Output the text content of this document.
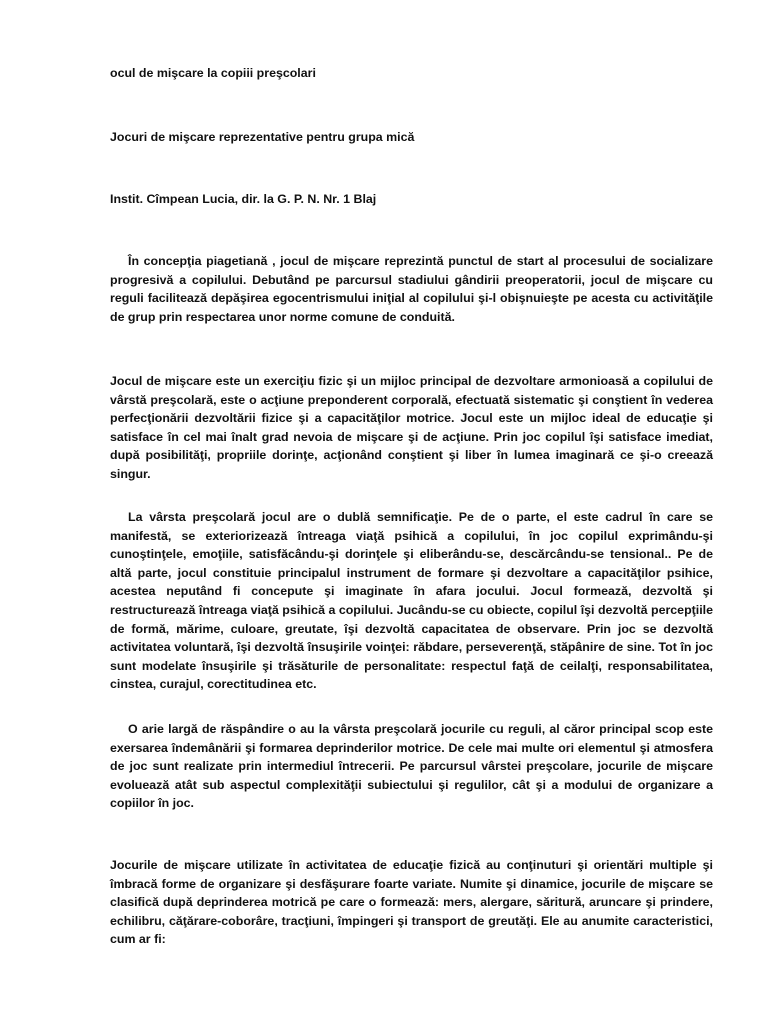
ocul de mişcare la copiii preşcolari
Jocuri de mişcare reprezentative pentru grupa mică
Instit. Cîmpean Lucia, dir. la G. P. N. Nr. 1 Blaj

În concepţia piagetiană , jocul de mişcare reprezintă punctul de start al procesului de socializare progresivă a copilului. Debutând pe parcursul stadiului gândirii preoperatorii, jocul de mişcare cu reguli facilitează depăşirea egocentrismului iniţial al copilului şi-l obişnuieşte pe acesta cu activităţile de grup prin respectarea unor norme comune de conduită.

Jocul de mişcare este un exerciţiu fizic şi un mijloc principal de dezvoltare armonioasă a copilului de vârstă preşcolară, este o acţiune preponderent corporală, efectuată sistematic şi conştient în vederea perfecţionării dezvoltării fizice şi a capacităţilor motrice. Jocul este un mijloc ideal de educaţie şi satisface în cel mai înalt grad nevoia de mişcare şi de acţiune. Prin joc copilul îşi satisface imediat, după posibilităţi, propriile dorinţe, acţionând conştient şi liber în lumea imaginară ce şi-o creează singur.

La vârsta preşcolară jocul are o dublă semnificaţie. Pe de o parte, el este cadrul în care se manifestă, se exteriorizează întreaga viaţă psihică a copilului, în joc copilul exprimându-şi cunoştinţele, emoţiile, satisfăcându-şi dorinţele şi eliberându-se, descărcându-se tensional.. Pe de altă parte, jocul constituie principalul instrument de formare şi dezvoltare a capacităţilor psihice, acestea neputând fi concepute şi imaginate în afara jocului. Jocul formează, dezvoltă şi restructurează întreaga viaţă psihică a copilului. Jucându-se cu obiecte, copilul îşi dezvoltă percepţiile de formă, mărime, culoare, greutate, îşi dezvoltă capacitatea de observare. Prin joc se dezvoltă activitatea voluntară, îşi dezvoltă însuşirile voinţei: răbdare, perseverenţă, stăpânire de sine. Tot în joc sunt modelate însuşirile şi trăsăturile de personalitate: respectul faţă de ceilalţi, responsabilitatea, cinstea, curajul, corectitudinea etc.

O arie largă de răspândire o au la vârsta preşcolară jocurile cu reguli, al căror principal scop este exersarea îndemânării şi formarea deprinderilor motrice. De cele mai multe ori elementul şi atmosfera de joc sunt realizate prin intermediul întrecerii. Pe parcursul vârstei preşcolare, jocurile de mişcare evoluează atât sub aspectul complexităţii subiectului şi regulilor, cât şi a modului de organizare a copiilor în joc.

Jocurile de mişcare utilizate în activitatea de educaţie fizică au conţinuturi şi orientări multiple şi îmbracă forme de organizare şi desfăşurare foarte variate. Numite şi dinamice, jocurile de mişcare se clasifică după deprinderea motrică pe care o formează: mers, alergare, săritură, aruncare şi prindere, echilibru, căţărare-coborâre, tracţiuni, împingeri şi transport de greutăţi. Ele au anumite caracteristici, cum ar fi:
